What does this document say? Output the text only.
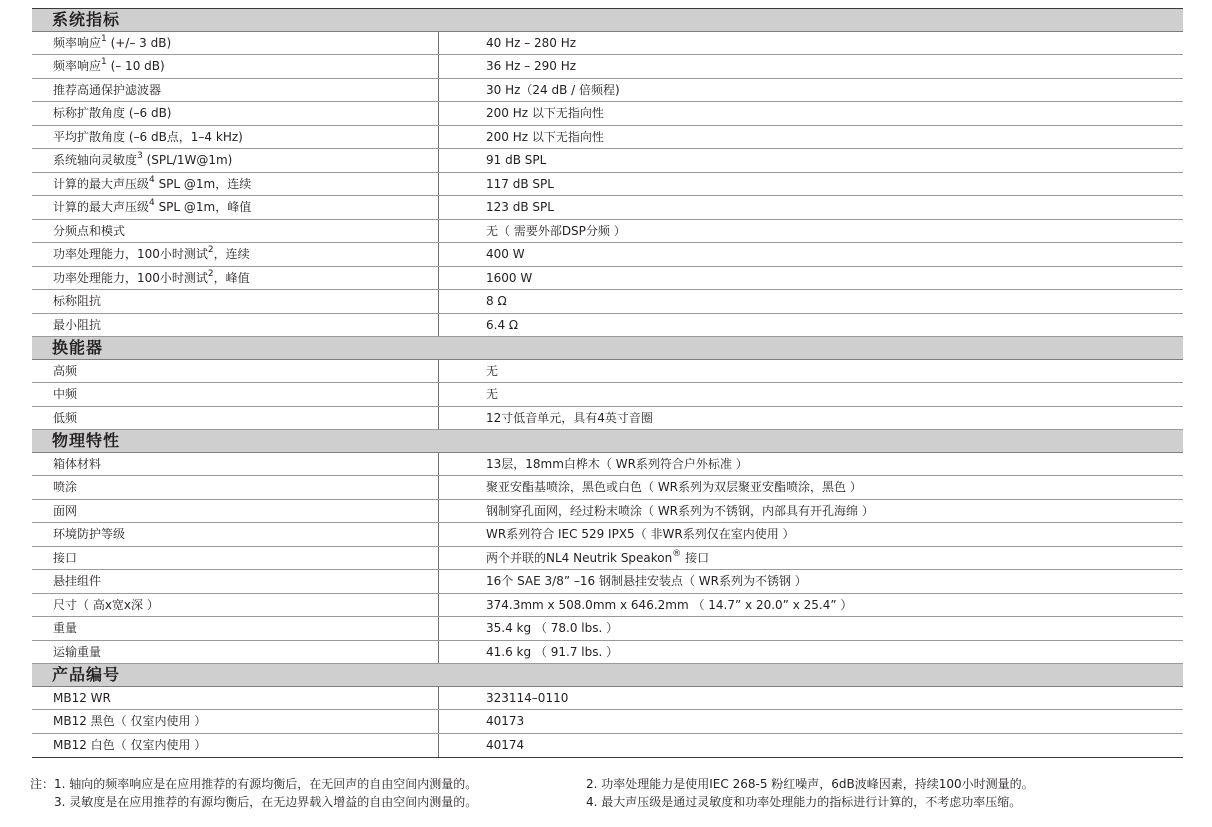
系统指标
频率响应$^1$ (+/– 3 dB)	40 Hz – 280 Hz
频率响应$^1$ (– 10 dB)	36 Hz – 290 Hz
推荐高通保护滤波器	30 Hz（24 dB / 倍频程)
标称扩散角度 (–6 dB)	200 Hz 以下无指向性
平均扩散角度 (–6 dB点，1–4 kHz)	200 Hz 以下无指向性
系统轴向灵敏度$^3$ (SPL/1W@1m)	91 dB SPL
计算的最大声压级$^4$ SPL @1m，连续	117 dB SPL
计算的最大声压级$^4$ SPL @1m，峰值	123 dB SPL
分频点和模式	无（ 需要外部DSP分频 ）
功率处理能力，100小时测试$^2$，连续	400 W
功率处理能力，100小时测试$^2$，峰值	1600 W
标称阻抗	8 Ω
最小阻抗	6.4 Ω
换能器
高频	无
中频	无
低频	12寸低音单元，具有4英寸音圈
物理特性
箱体材料	13层，18mm白桦木（ WR系列符合户外标准 ）
喷涂	聚亚安酯基喷涂，黑色或白色（ WR系列为双层聚亚安酯喷涂，黑色 ）
面网	钢制穿孔面网，经过粉末喷涂（ WR系列为不锈钢，内部具有开孔海绵 ）
环境防护等级	WR系列符合 IEC 529 IPX5（ 非WR系列仅在室内使用 ）
接口	两个并联的NL4 Neutrik Speakon® 接口
悬挂组件	16个 SAE 3/8” –16 钢制悬挂安装点（ WR系列为不锈钢 ）
尺寸（ 高x宽x深 ）	374.3mm x 508.0mm x 646.2mm （ 14.7” x 20.0” x 25.4” ）
重量	35.4 kg （ 78.0 lbs. ）
运输重量	41.6 kg （ 91.7 lbs. ）
产品编号
MB12 WR	323114–0110
MB12 黑色（ 仅室内使用 ）	40173
MB12 白色（ 仅室内使用 ）	40174
注：1. 轴向的频率响应是在应用推荐的有源均衡后，在无回声的自由空间内测量的。	2. 功率处理能力是使用IEC 268-5 粉红噪声，6dB波峰因素，持续100小时测量的。
　　3. 灵敏度是在应用推荐的有源均衡后，在无边界载入增益的自由空间内测量的。	4. 最大声压级是通过灵敏度和功率处理能力的指标进行计算的，不考虑功率压缩。
